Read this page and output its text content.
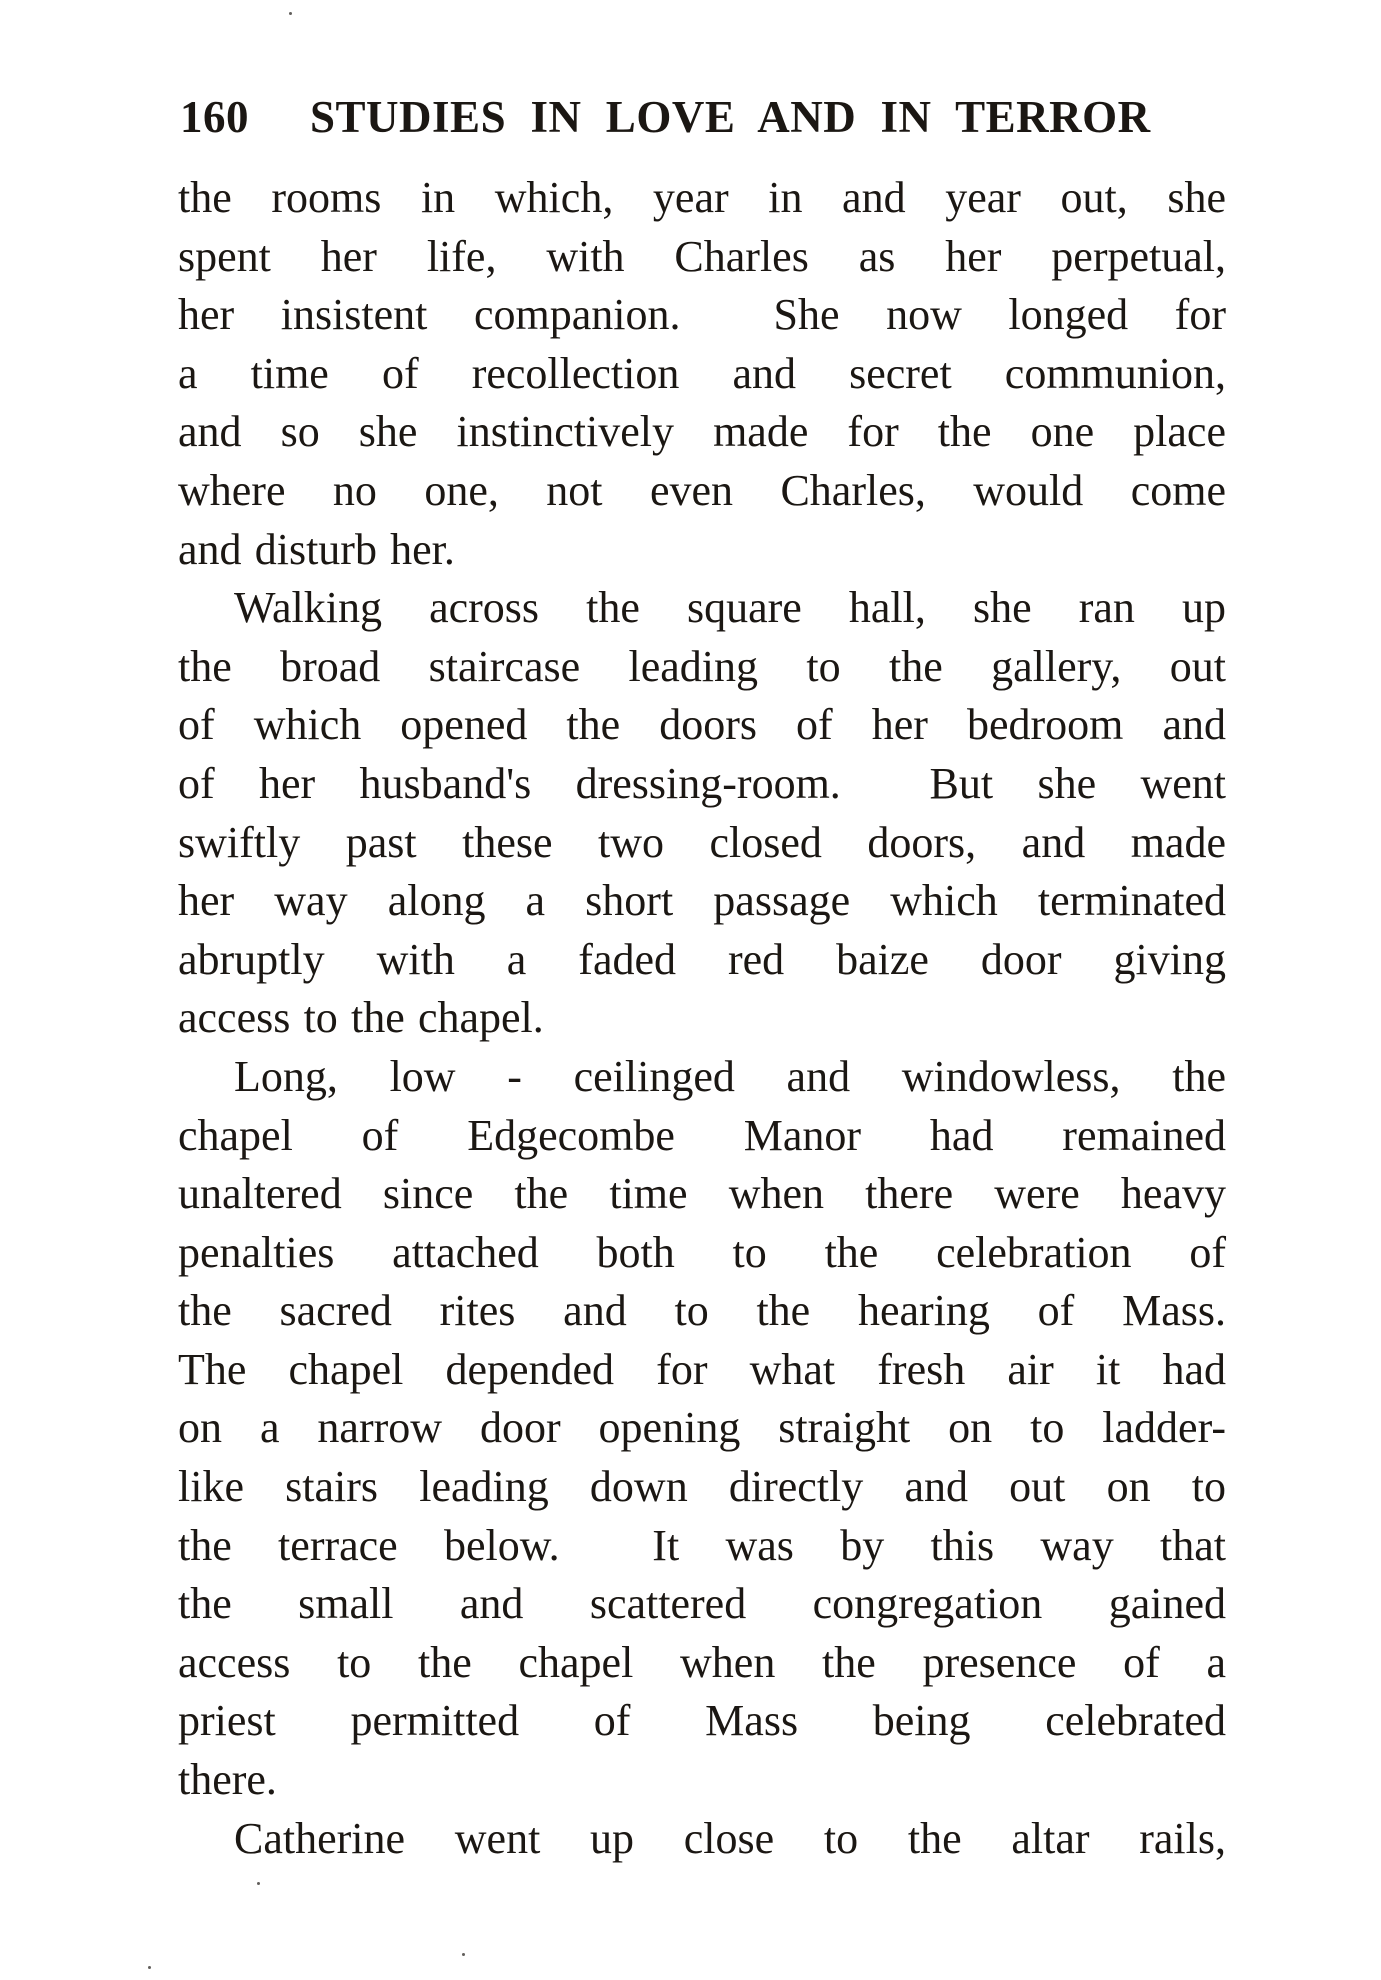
160 STUDIES IN LOVE AND IN TERROR
the rooms in which, year in and year out, she
spent her life, with Charles as her perpetual,
her insistent companion.  She now longed for
a time of recollection and secret communion,
and so she instinctively made for the one place
where no one, not even Charles, would come
and disturb her.
Walking across the square hall, she ran up
the broad staircase leading to the gallery, out
of which opened the doors of her bedroom and
of her husband's dressing-room.  But she went
swiftly past these two closed doors, and made
her way along a short passage which terminated
abruptly with a faded red baize door giving
access to the chapel.
Long, low - ceilinged and windowless, the
chapel of Edgecombe Manor had remained
unaltered since the time when there were heavy
penalties attached both to the celebration of
the sacred rites and to the hearing of Mass.
The chapel depended for what fresh air it had
on a narrow door opening straight on to ladder-
like stairs leading down directly and out on to
the terrace below.  It was by this way that
the small and scattered congregation gained
access to the chapel when the presence of a
priest permitted of Mass being celebrated
there.
Catherine went up close to the altar rails,
